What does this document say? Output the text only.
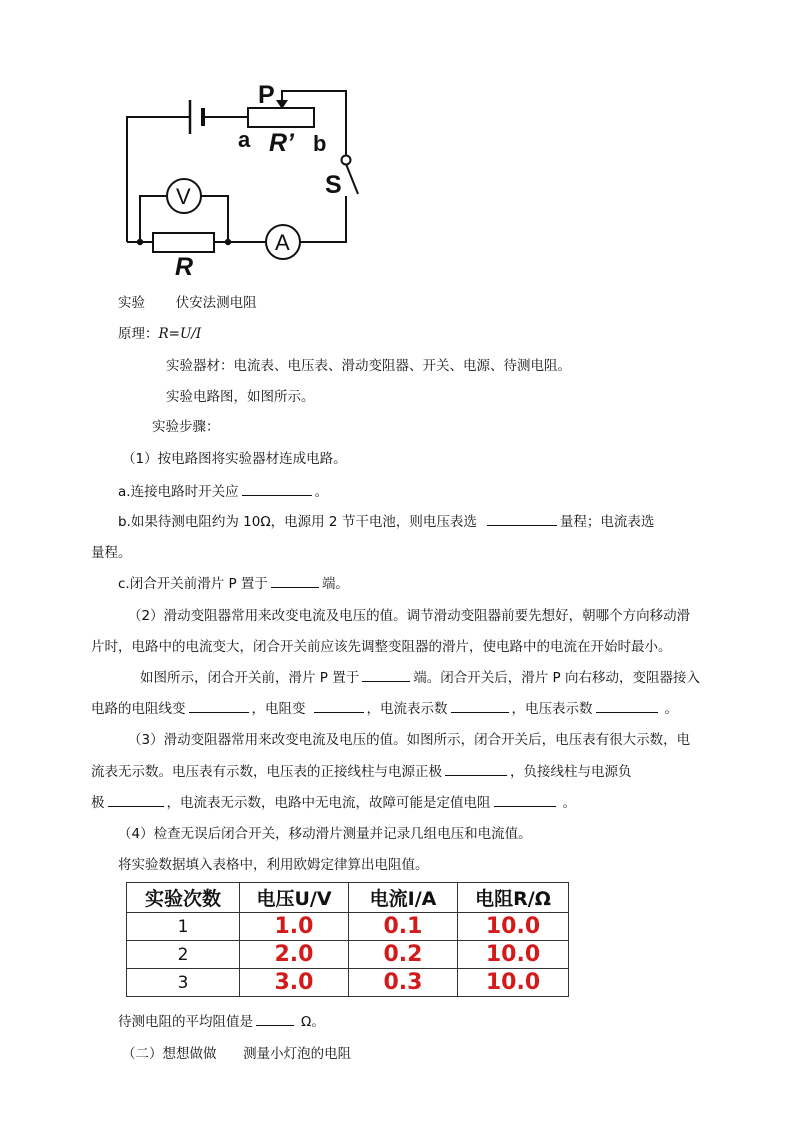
P
a R’ b
S
V
A
R
实验 伏安法测电阻
原理：R=U/I
实验器材：电流表、电压表、滑动变阻器、开关、电源、待测电阻。
实验电路图，如图所示。
实验步骤：
（1）按电路图将实验器材连成电路。
a.连接电路时开关应	。
b.如果待测电阻约为 10Ω，电源用 2 节干电池，则电压表选	量程；电流表选
量程。
c.闭合开关前滑片 P 置于	端。
（2）滑动变阻器常用来改变电流及电压的值。调节滑动变阻器前要先想好，朝哪个方向移动滑
片时，电路中的电流变大，闭合开关前应该先调整变阻器的滑片，使电路中的电流在开始时最小。
如图所示，闭合开关前，滑片 P 置于	端。闭合开关后，滑片 P 向右移动，变阻器接入
电路的电阻线变	，电阻变	，电流表示数	，电压表示数	。
（3）滑动变阻器常用来改变电流及电压的值。如图所示，闭合开关后，电压表有很大示数，电
流表无示数。电压表有示数，电压表的正接线柱与电源正极	，负接线柱与电源负
极	，电流表无示数，电路中无电流，故障可能是定值电阻	。
（4）检查无误后闭合开关，移动滑片测量并记录几组电压和电流值。
将实验数据填入表格中，利用欧姆定律算出电阻值。
实验次数	电压U/V	电流I/A	电阻R/Ω
1	1.0	0.1	10.0
2	2.0	0.2	10.0
3	3.0	0.3	10.0
待测电阻的平均阻值是	Ω。
（二）想想做做 测量小灯泡的电阻
